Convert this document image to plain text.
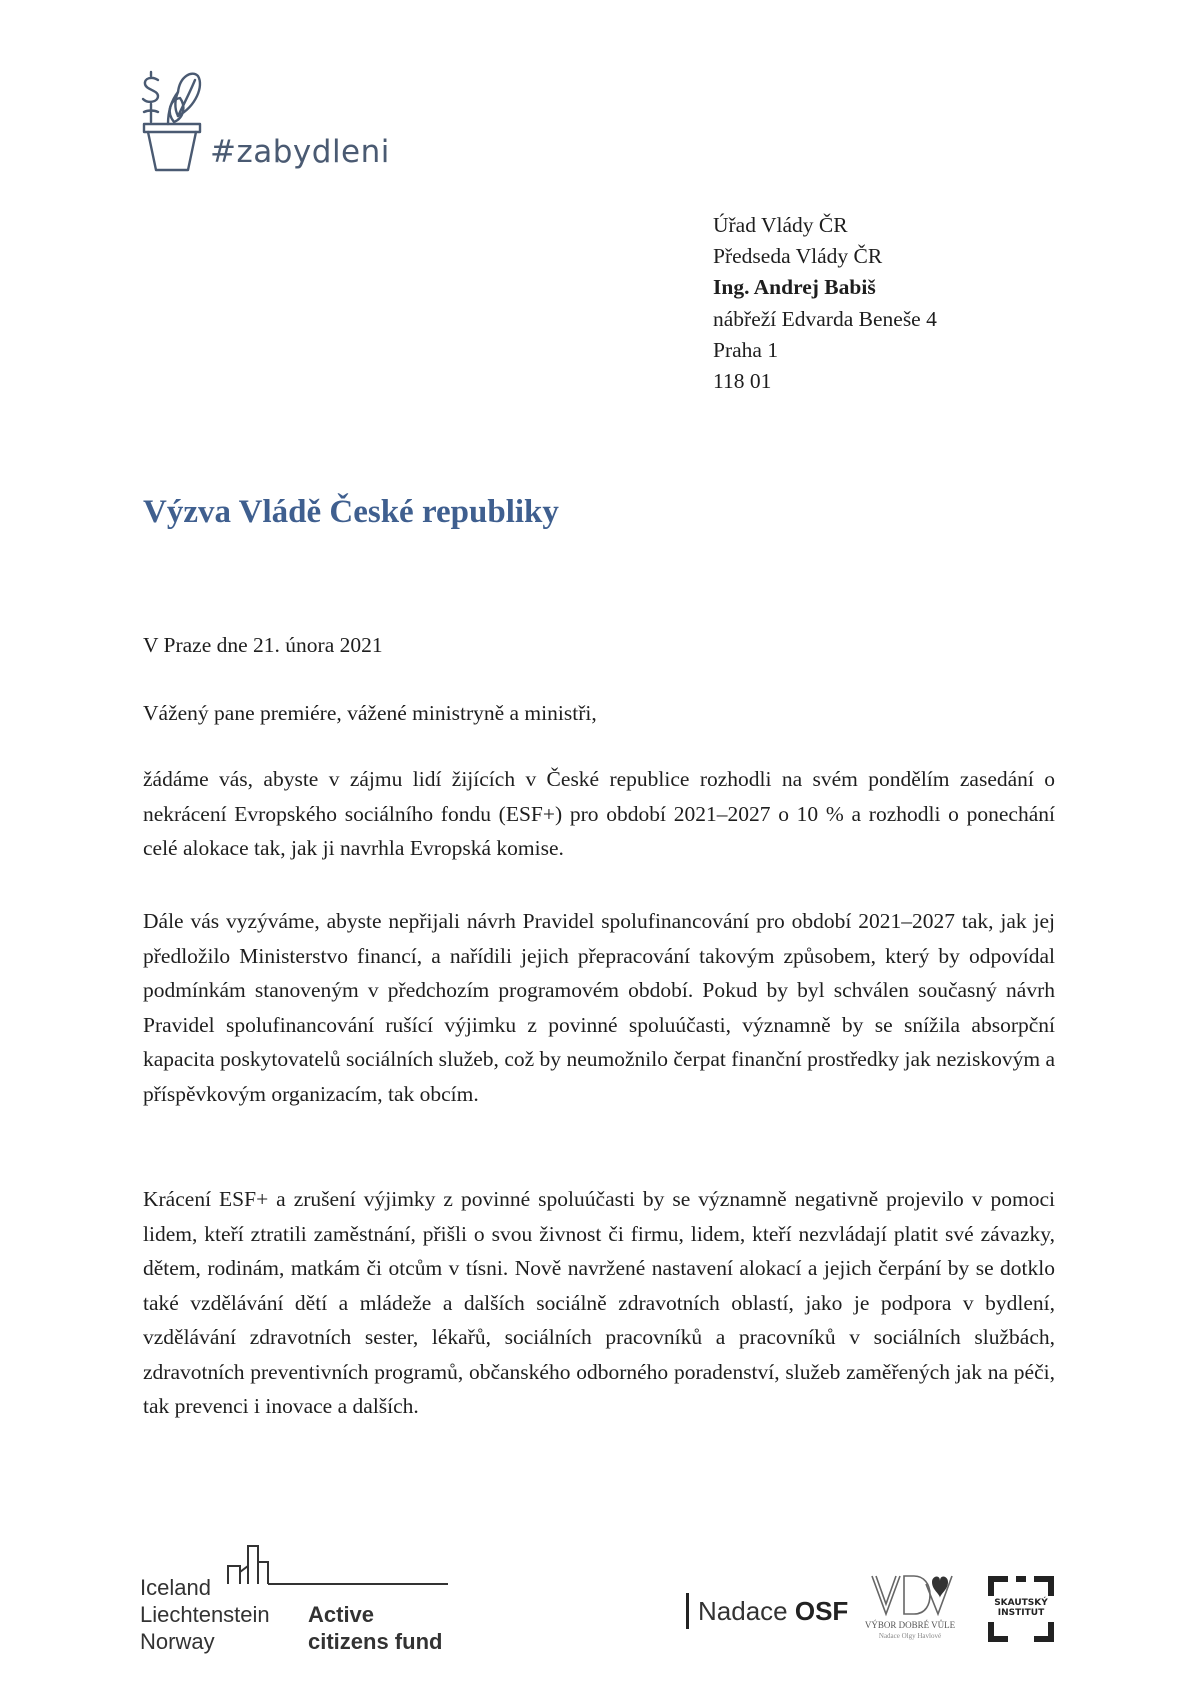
#zabydleni
Úřad Vlády ČR
Předseda Vlády ČR
Ing. Andrej Babiš
nábřeží Edvarda Beneše 4
Praha 1
118 01
Výzva Vládě České republiky
V Praze dne 21. února 2021
Vážený pane premiére, vážené ministryně a ministři,
žádáme vás, abyste v zájmu lidí žijících v České republice rozhodli na svém pondělím zasedání o nekrácení Evropského sociálního fondu (ESF+) pro období 2021–2027 o 10 % a rozhodli o ponechání celé alokace tak, jak ji navrhla Evropská komise.
Dále vás vyzýváme, abyste nepřijali návrh Pravidel spolufinancování pro období 2021–2027 tak, jak jej předložilo Ministerstvo financí, a nařídili jejich přepracování takovým způsobem, který by odpovídal podmínkám stanoveným v předchozím programovém období. Pokud by byl schválen současný návrh Pravidel spolufinancování rušící výjimku z povinné spoluúčasti, významně by se snížila absorpční kapacita poskytovatelů sociálních služeb, což by neumožnilo čerpat finanční prostředky jak neziskovým a příspěvkovým organizacím, tak obcím.
Krácení ESF+ a zrušení výjimky z povinné spoluúčasti by se významně negativně projevilo v pomoci lidem, kteří ztratili zaměstnání, přišli o svou živnost či firmu, lidem, kteří nezvládají platit své závazky, dětem, rodinám, matkám či otcům v tísni. Nově navržené nastavení alokací a jejich čerpání by se dotklo také vzdělávání dětí a mládeže a dalších sociálně zdravotních oblastí, jako je podpora v bydlení, vzdělávání zdravotních sester, lékařů, sociálních pracovníků a pracovníků v sociálních službách, zdravotních preventivních programů, občanského odborného poradenství, služeb zaměřených jak na péči, tak prevenci i inovace a dalších.
Iceland
Liechtenstein
Norway
Active
citizens fund
Nadace OSF	VÝBOR DOBRÉ VŮLE
Nadace Olgy Havlové
SKAUTSKÝ
INSTITUT
